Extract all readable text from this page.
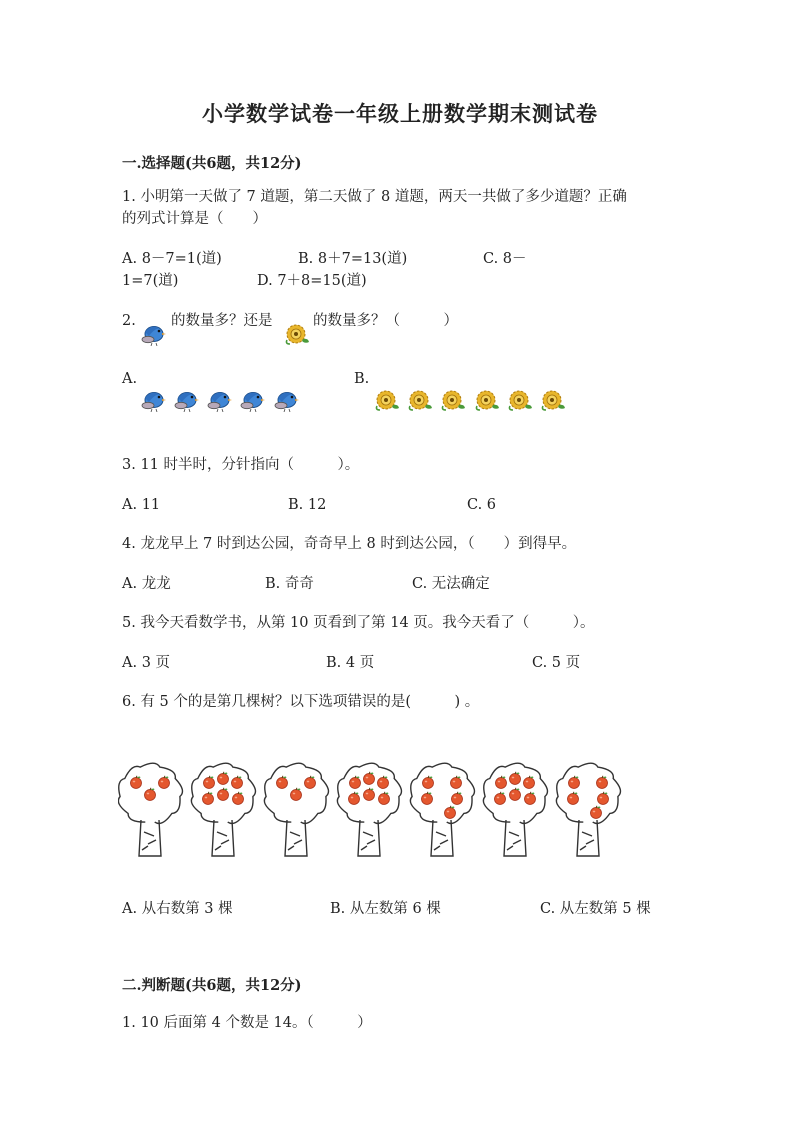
小学数学试卷一年级上册数学期末测试卷
一.选择题(共6题，共12分)
1. 小明第一天做了 7 道题，第二天做了 8 道题，两天一共做了多少道题？正确
的列式计算是（　　）
A. 8－7=1(道)	B. 8＋7=13(道)	C. 8－
1=7(道)	D. 7＋8=15(道)
2. 的数量多？还是	的数量多？（　　　）
A.	B.
3. 11 时半时，分针指向（　　　）。
A. 11	B. 12	C. 6
4. 龙龙早上 7 时到达公园，奇奇早上 8 时到达公园，（　　）到得早。
A. 龙龙	B. 奇奇	C. 无法确定
5. 我今天看数学书，从第 10 页看到了第 14 页。我今天看了（　　　）。
A. 3 页	B. 4 页	C. 5 页
6. 有 5 个的是第几棵树？以下选项错误的是(　　　) 。
A. 从右数第 3 棵	B. 从左数第 6 棵	C. 从左数第 5 棵
二.判断题(共6题，共12分)
1. 10 后面第 4 个数是 14。（　　　）
